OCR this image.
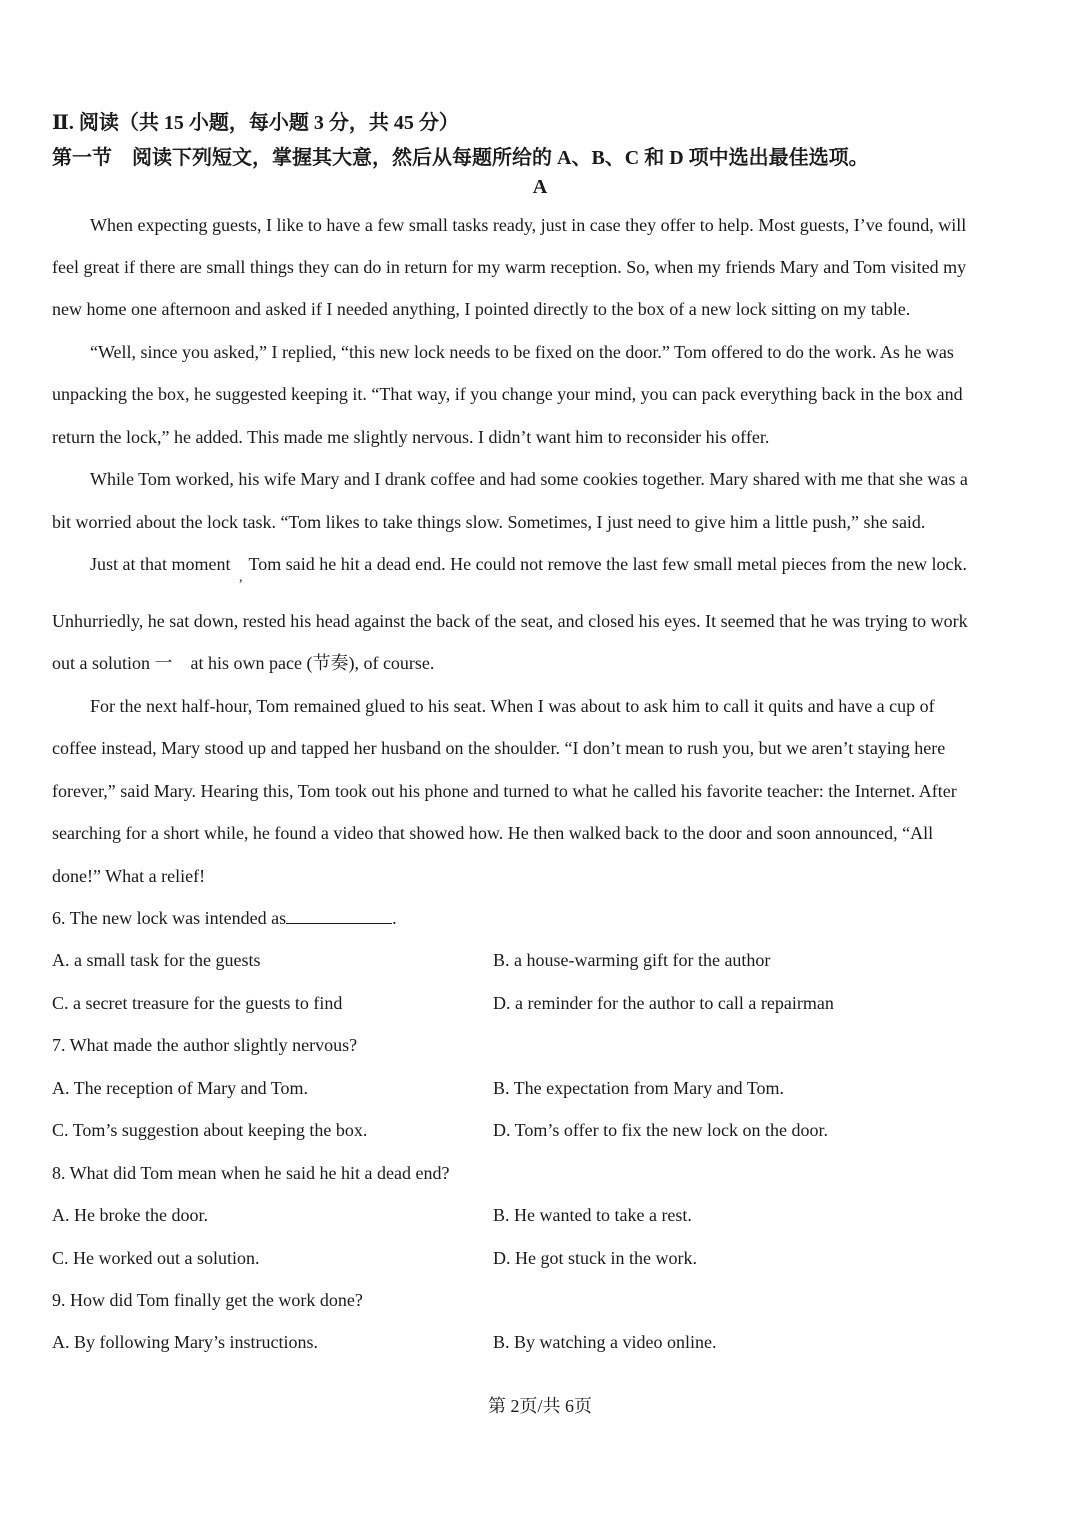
Ⅱ. 阅读（共 15 小题，每小题 3 分，共 45 分）
第一节　阅读下列短文，掌握其大意，然后从每题所给的 A、B、C 和 D 项中选出最佳选项。
A
When expecting guests, I like to have a few small tasks ready, just in case they offer to help. Most guests, I’ve found, will
feel great if there are small things they can do in return for my warm reception. So, when my friends Mary and Tom visited my
new home one afternoon and asked if I needed anything, I pointed directly to the box of a new lock sitting on my table.
“Well, since you asked,” I replied, “this new lock needs to be fixed on the door.” Tom offered to do the work. As he was
unpacking the box, he suggested keeping it. “That way, if you change your mind, you can pack everything back in the box and
return the lock,” he added. This made me slightly nervous. I didn’t want him to reconsider his offer.
While Tom worked, his wife Mary and I drank coffee and had some cookies together. Mary shared with me that she was a
bit worried about the lock task. “Tom likes to take things slow. Sometimes, I just need to give him a little push,” she said.
Just at that moment　Tom said he hit a dead end. He could not remove the last few small metal pieces from the new lock.
,
Unhurriedly, he sat down, rested his head against the back of the seat, and closed his eyes. It seemed that he was trying to work
out a solution 一　at his own pace (节奏), of course.
For the next half-hour, Tom remained glued to his seat. When I was about to ask him to call it quits and have a cup of
coffee instead, Mary stood up and tapped her husband on the shoulder. “I don’t mean to rush you, but we aren’t staying here
forever,” said Mary. Hearing this, Tom took out his phone and turned to what he called his favorite teacher: the Internet. After
searching for a short while, he found a video that showed how. He then walked back to the door and soon announced, “All
done!” What a relief!
6. The new lock was intended as	.
A. a small task for the guests	B. a house-warming gift for the author
C. a secret treasure for the guests to find	D. a reminder for the author to call a repairman
7. What made the author slightly nervous?
A. The reception of Mary and Tom.	B. The expectation from Mary and Tom.
C. Tom’s suggestion about keeping the box.	D. Tom’s offer to fix the new lock on the door.
8. What did Tom mean when he said he hit a dead end?
A. He broke the door.	B. He wanted to take a rest.
C. He worked out a solution.	D. He got stuck in the work.
9. How did Tom finally get the work done?
A. By following Mary’s instructions.	B. By watching a video online.
第 2页/共 6页
